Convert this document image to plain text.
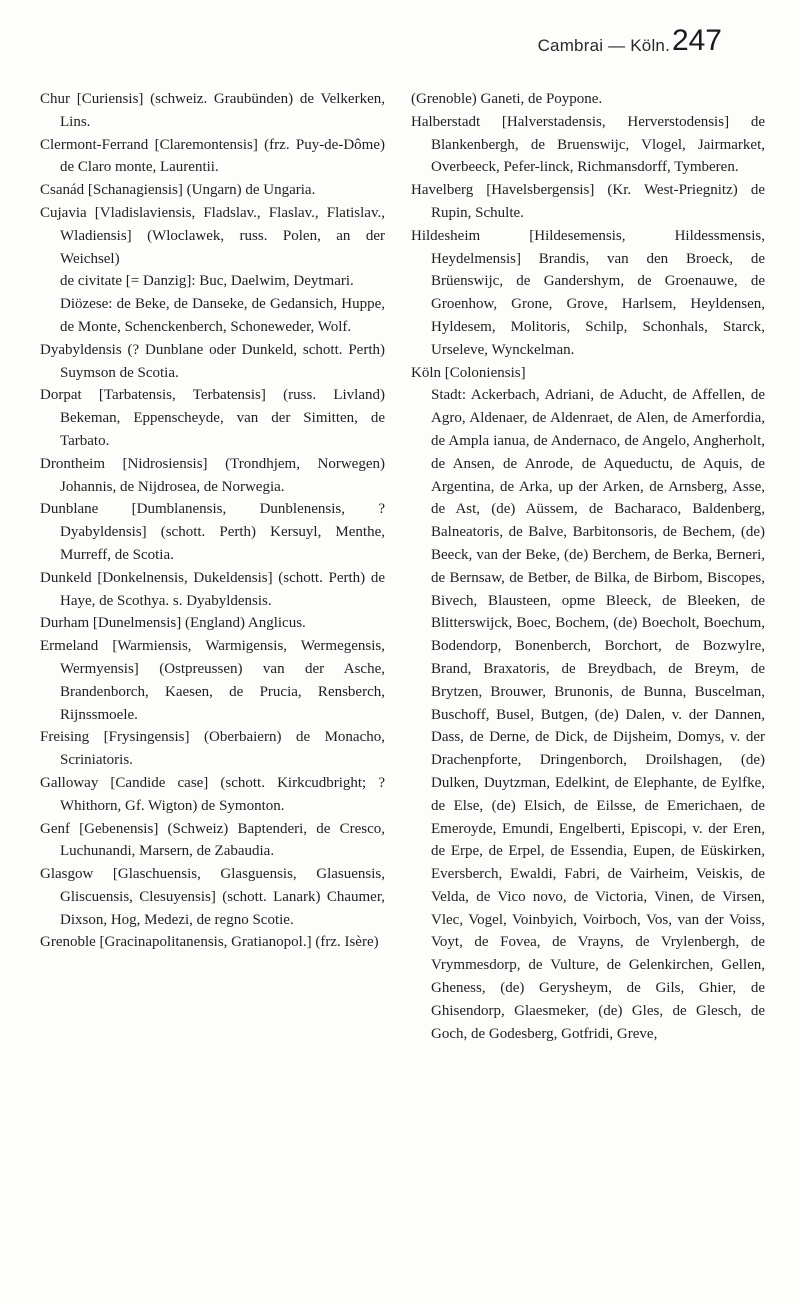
Cambrai — Köln. 247

Chur [Curiensis] (schweiz. Graubünden) de Velkerken, Lins.

Clermont-Ferrand [Claremontensis] (frz. Puy-de-Dôme) de Claro monte, Laurentii.

Csanád [Schanagiensis] (Ungarn) de Ungaria.

Cujavia [Vladislaviensis, Fladslav., Flaslav., Flatislav., Wladiensis] (Wloclawek, russ. Polen, an der Weichsel)

de civitate [= Danzig]: Buc, Daelwim, Deytmari.

Diözese: de Beke, de Danseke, de Gedansich, Huppe, de Monte, Schenckenberch, Schoneweder, Wolf.

Dyabyldensis (? Dunblane oder Dunkeld, schott. Perth) Suymson de Scotia.

Dorpat [Tarbatensis, Terbatensis] (russ. Livland) Bekeman, Eppenscheyde, van der Simitten, de Tarbato.

Drontheim [Nidrosiensis] (Trondhjem, Norwegen) Johannis, de Nijdrosea, de Norwegia.

Dunblane [Dumblanensis, Dunblenensis, ? Dyabyldensis] (schott. Perth) Kersuyl, Menthe, Murreff, de Scotia.

Dunkeld [Donkelnensis, Dukeldensis] (schott. Perth) de Haye, de Scothya. s. Dyabyldensis.

Durham [Dunelmensis] (England) Anglicus.

Ermeland [Warmiensis, Warmigensis, Wermegensis, Wermyensis] (Ostpreussen) van der Asche, Brandenborch, Kaesen, de Prucia, Rensberch, Rijnssmoele.

Freising [Frysingensis] (Oberbaiern) de Monacho, Scriniatoris.

Galloway [Candide case] (schott. Kirkcudbright; ? Whithorn, Gf. Wigton) de Symonton.

Genf [Gebenensis] (Schweiz) Baptenderi, de Cresco, Luchunandi, Marsern, de Zabaudia.

Glasgow [Glaschuensis, Glasguensis, Glasuensis, Gliscuensis, Clesuyensis] (schott. Lanark) Chaumer, Dixson, Hog, Medezi, de regno Scotie.

Grenoble [Gracinapolitanensis, Gratianopol.] (frz. Isère)

(Grenoble) Ganeti, de Poypone.

Halberstadt [Halverstadensis, Herverstodensis] de Blankenbergh, de Bruenswijc, Vlogel, Jairmarket, Overbeeck, Pefer-linck, Richmansdorff, Tymberen.

Havelberg [Havelsbergensis] (Kr. West-Priegnitz) de Rupin, Schulte.

Hildesheim [Hildesemensis, Hildessmensis, Heydelmensis] Brandis, van den Broeck, de Brüenswijc, de Gandershym, de Groenauwe, de Groenhow, Grone, Grove, Harlsem, Heyldensen, Hyldesem, Molitoris, Schilp, Schonhals, Starck, Urseleve, Wynckelman.

Köln [Coloniensis]

Stadt: Ackerbach, Adriani, de Aducht, de Affellen, de Agro, Aldenaer, de Aldenraet, de Alen, de Amerfordia, de Ampla ianua, de Andernaco, de Angelo, Angherholt, de Ansen, de Anrode, de Aqueductu, de Aquis, de Argentina, de Arka, up der Arken, de Arnsberg, Asse, de Ast, (de) Aüssem, de Bacharaco, Baldenberg, Balneatoris, de Balve, Barbitonsoris, de Bechem, (de) Beeck, van der Beke, (de) Berchem, de Berka, Berneri, de Bernsaw, de Betber, de Bilka, de Birbom, Biscopes, Bivech, Blausteen, opme Bleeck, de Bleeken, de Blitterswijck, Boec, Bochem, (de) Boecholt, Boechum, Bodendorp, Bonenberch, Borchort, de Bozwylre, Brand, Braxatoris, de Breydbach, de Breym, de Brytzen, Brouwer, Brunonis, de Bunna, Buscelman, Buschoff, Busel, Butgen, (de) Dalen, v. der Dannen, Dass, de Derne, de Dick, de Dijsheim, Domys, v. der Drachenpforte, Dringenborch, Droilshagen, (de) Dulken, Duytzman, Edelkint, de Elephante, de Eylfke, de Else, (de) Elsich, de Eilsse, de Emerichaen, de Emeroyde, Emundi, Engelberti, Episcopi, v. der Eren, de Erpe, de Erpel, de Essendia, Eupen, de Eüskirken, Eversberch, Ewaldi, Fabri, de Vairheim, Veiskis, de Velda, de Vico novo, de Victoria, Vinen, de Virsen, Vlec, Vogel, Voinbyich, Voirboch, Vos, van der Voiss, Voyt, de Fovea, de Vrayns, de Vrylenbergh, de Vrymmesdorp, de Vulture, de Gelenkirchen, Gellen, Gheness, (de) Gerysheym, de Gils, Ghier, de Ghisendorp, Glaesmeker, (de) Gles, de Glesch, de Goch, de Godesberg, Gotfridi, Greve,
